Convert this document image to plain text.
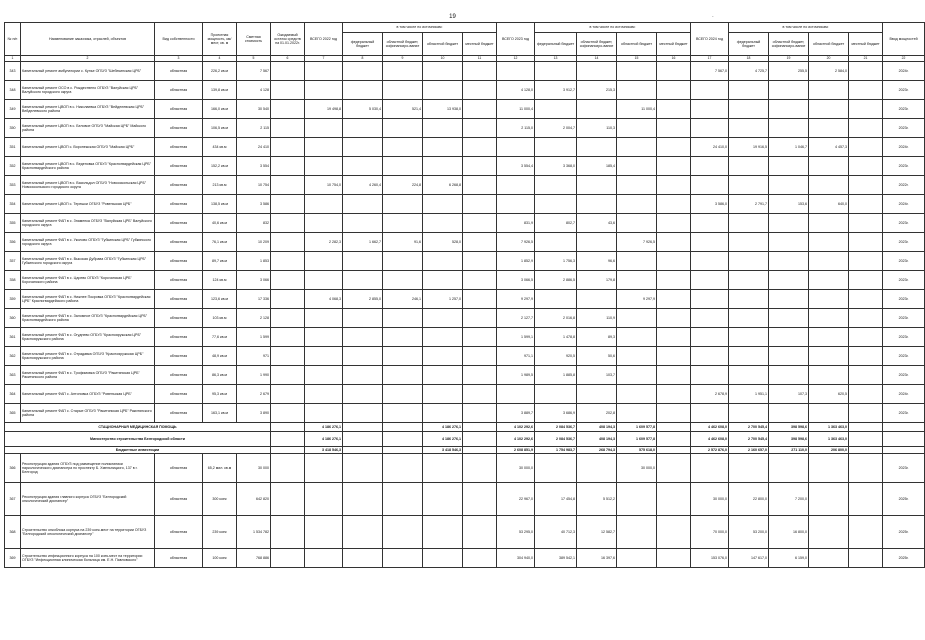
19	´
№ п/п	Наименование заказчика, отраслей, объектов	Вид собственности	Проектная мощность, км/мест, кв. м	Сметная стоимость	Ожидаемый остаток средств на 01.01.2022г.	ВСЕГО 2022 год	в том числе по источникам:				ВСЕГО 2023 год	в том числе по источникам:				ВСЕГО 2024 год	в том числе по источникам:				Ввод мощностей
							федеральный бюджет	областной бюджет, софинансиро-вание	областной бюджет	местный бюджет		федеральный бюджет	областной бюджет, софинансиро-вание	областной бюджет	местный бюджет		федеральный бюджет	областной бюджет, софинансиро-вание	областной бюджет	местный бюджет	
1	2	3	4	5	6	7	8	9	10	11	12	13	14	15	16	17	18	19	20	21	22
343	Капитальный ремонт амбулатории с. Кунье ОГБУЗ "Шебекинская ЦРБ"	областная	226,2 кв.м	7 567												7 567,0	4 725,7	255,5	2 584,0		2024г.
348	Капитальный ремонт ОСО в с. Рождествено ОГБУЗ "Валуйская ЦРБ" Валуйского городского округа	областная	139,8 кв.м	4 128							4 128,0	3 912,7	215,3								2023г.
349	Капитальный ремонт ЦВОП в с. Николаевка ОГБУЗ "Вейделевская ЦРБ" Вейделевского района	областная	166,0 кв.м	30 540		19 498,8	5 030,4	521,4	13 938,0		11 000,4			11 000,4							2023г.
350	Капитальный ремонт ЦВОП в с. Беловое ОГБУЗ "Майская ЦРБ" Майского района	областная	106,5 кв.м	2 115							2 115,0	2 004,7	110,3								2023г.
351	Капитальный ремонт ЦВОП с. Воронежская ОГБУЗ "Майская ЦРБ"	областная	434 кв.м	24 410												24 410,0	19 916,5	1 046,7	4 457,3		2024г.
352	Капитальный ремонт ЦВОП в с. Веденовка ОГБУЗ "Красногвардейская ЦРБ" Красногвардейского района	областная	152,2 кв.м	3 554							3 554,4	3 368,0	185,4								2023г.
353	Капитальный ремонт ЦВОП в с. Васильдол ОГБУЗ "Новооскольская ЦРБ" Новооскольского городского округа	областная	213 кв.м	10 754		10 754,0	4 260,4	224,8	6 268,8												2022г.
354	Капитальный ремонт ЦВОП с. Терешки ОГБУЗ "Ровеньская ЦРБ"	областная	138,5 кв.м	3 586												3 586,0	2 791,7	153,6	640,0		2024г.
355	Капитальный ремонт ФАП в с. Знаменка ОГБУЗ "Валуйская ЦРБ" Валуйского городского округа	областная	40,6 кв.м	832							831,9	802,7	43,6								2023г.
356	Капитальный ремонт ФАП в с. Уколово ОГБУЗ "Губкинская ЦРБ" Губкинского городского округа	областная	76,1 кв.м	10 209		2 282,3	1 662,7	91,6	528,0		7 926,5			7 926,5							2023г.
357	Капитальный ремонт ФАП в с. Высокая Дубрава ОГБУЗ "Губкинская ЦРБ" Губкинского городского округа	областная	89,7 кв.м	1 853							1 852,9	1 756,3	96,6								2023г.
358	Капитальный ремонт ФАП в с. Царево ОГБУЗ "Корочанская ЦРБ" Корочанского района	областная	124 кв.м	3 066							3 066,5	2 886,5	179,8								2023г.
359	Капитальный ремонт ФАП в с. Нижнее Покровка ОГБУЗ "Красногвардейская ЦРБ" Красногвардейского района	областная	123,6 кв.м	17 336		4 068,3	2 855,0	246,1	1 257,0		9 297,9			9 297,9							2023г.
360	Капитальный ремонт ФАП в с. Заломное ОГБУЗ "Красногвардейская ЦРБ" Красногвардейского района	областная	103 кв.м	2 128							2 127,7	2 016,8	110,9								2023г.
361	Капитальный ремонт ФАП в с. Огуднево ОГБУЗ "Краснояружская ЦРБ" Краснояружского района	областная	77,6 кв.м	1 599							1 599,1	1 478,8	89,3								2023г.
362	Капитальный ремонт ФАП в с. Отрадавка ОГБУЗ "Краснояружская ЦРБ" Краснояружского района	областная	48,9 кв.м	971							971,1	920,5	50,6								2023г.
363	Капитальный ремонт ФАП в с. Трофимовка ОГБУЗ "Ракитянская ЦРБ" Ракитянского района	областная	86,3 кв.м	1 990							1 989,5	1 885,8	103,7								2023г.
364	Капитальный ремонт ФАП с. Антоновка ОГБУЗ "Ровеньская ЦРБ"	областная	95,3 кв.м	2 679												2 678,9	1 951,1	107,3	620,5		2024г.
365	Капитальный ремонт ФАП с. Старые ОГБУЗ "Ракитянская ЦРБ" Ракитянского района	областная	163,1 кв.м	3 890							3 889,7	3 686,9	202,8								2023г.
СТАЦИОНАРНАЯ МЕДИЦИНСКАЯ ПОМОЩЬ						4 186 276,1			4 186 276,1		4 102 292,6	2 084 536,7	408 194,3	1 609 577,8		4 462 608,0	2 700 545,4	398 598,6	1 363 463,0		
Министерство строительства Белгородской области						4 186 276,1			4 186 276,1		4 102 292,6	2 084 536,7	408 194,3	1 609 577,8		4 462 608,0	2 700 545,4	398 598,6	1 363 463,0		
Бюджетные инвестиции						3 418 546,3			3 418 546,3		2 608 851,9	1 754 983,7	268 794,3	575 618,0		2 572 876,0	2 160 657,0	271 110,0	206 800,0		
366	Реконструкция здания ОГБУЗ под размещение поликлиники наркологического диспансера по проспекту Б. Хмельницкого, 137 в г. Белгород	областная	65,2 мил. кв.м	30 000							30 000,0			30 000,0							2023г.
367	Реконструкция здания главного корпуса ОГБУЗ "Белгородский онкологический диспансер"	областная	300 коек	642 820							22 967,0	17 454,8	5 512,2			30 000,0	22 800,0	7 200,0			2025г.
368	Строительство онкоблока корпуса на 239 коек-мест на территории ОГБУЗ "Белгородский онкологический диспансер"	областная	239 коек	1 534 782							53 295,0	40 712,3	12 582,7			70 000,0	53 200,0	16 800,0			2025г.
369	Строительство инфекционного корпуса на 100 коек-мест на территории ОГБУЗ "Инфекционная клиническая больница им. Е.Н. Павловского"	областная	100 коек	768 886							304 940,0	389 542,1	16 397,6			153 076,0	147 617,0	6 159,0			2025г.
